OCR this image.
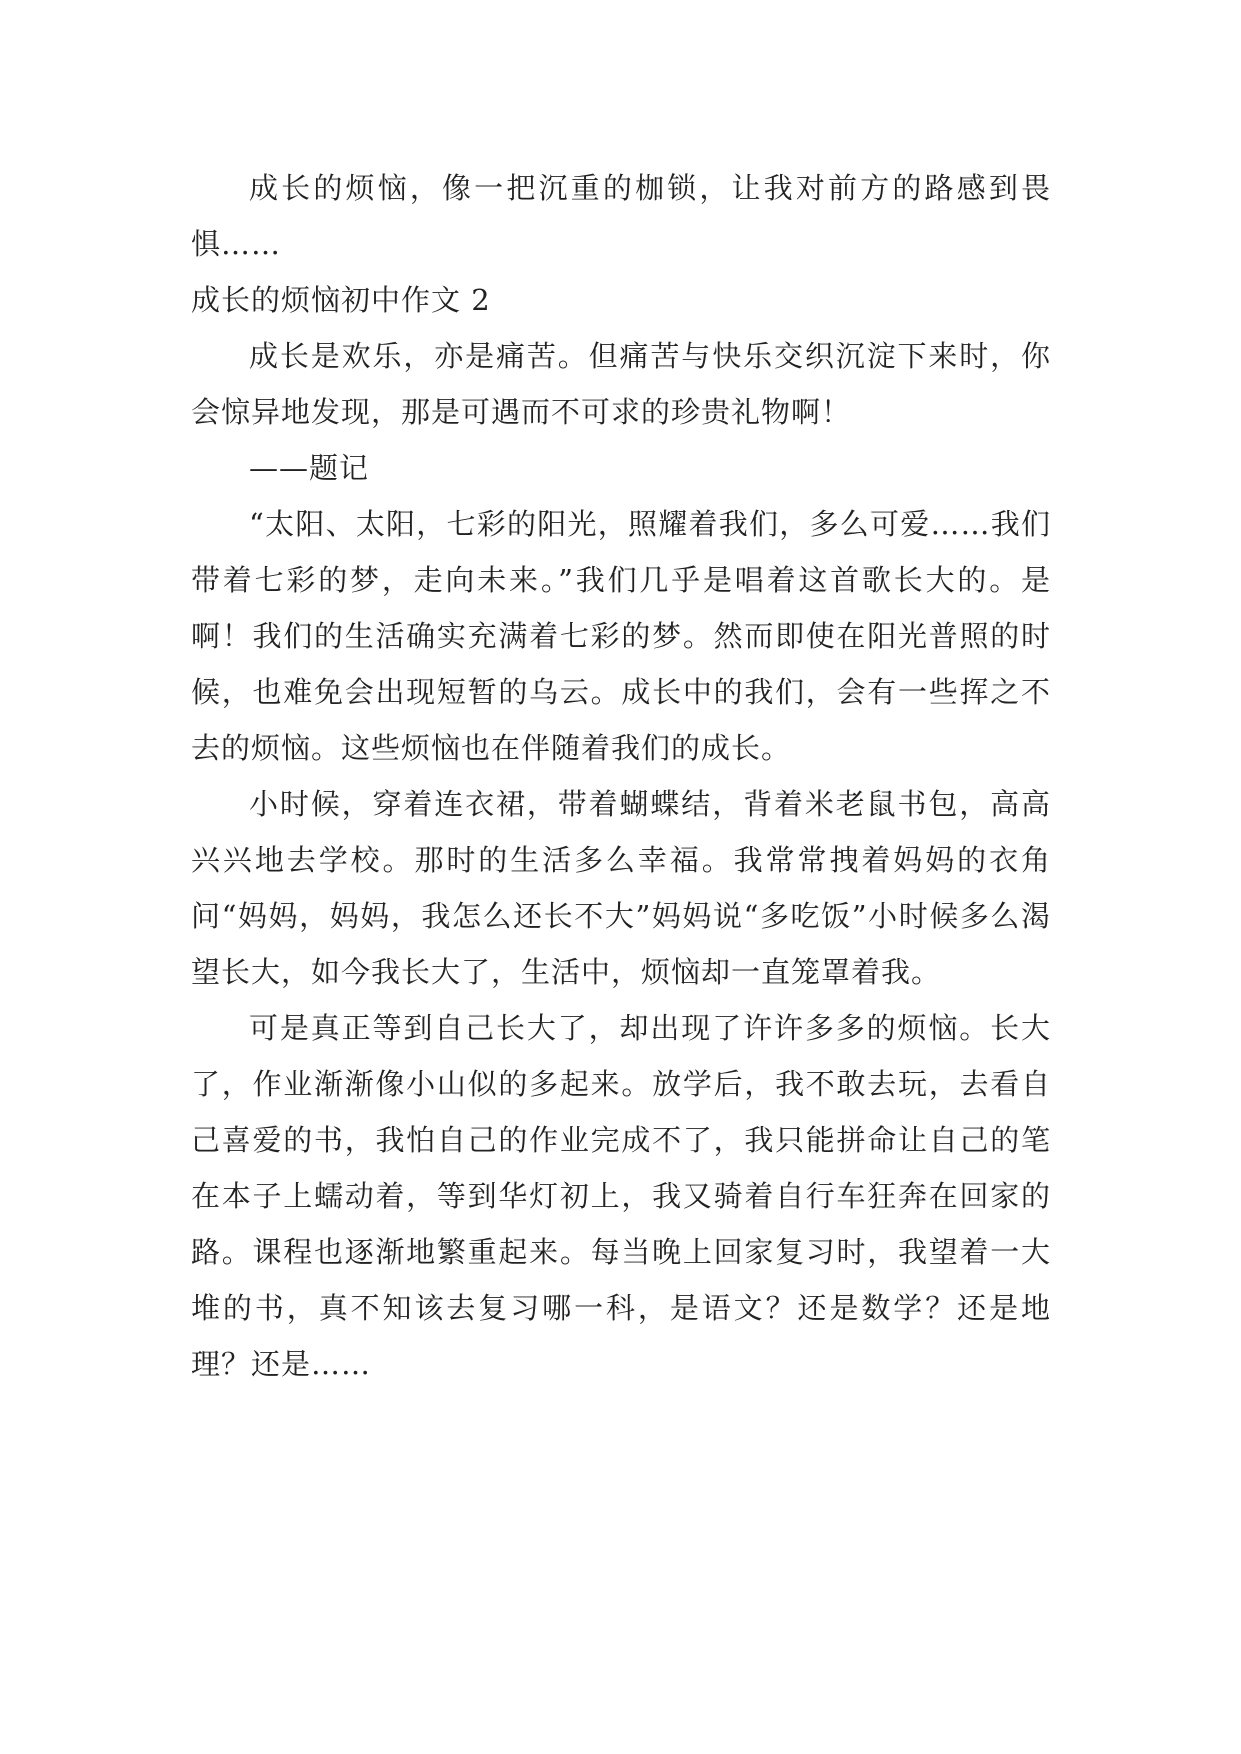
成长的烦恼，像一把沉重的枷锁，让我对前方的路感到畏惧……

成长的烦恼初中作文 2

成长是欢乐，亦是痛苦。但痛苦与快乐交织沉淀下来时，你会惊异地发现，那是可遇而不可求的珍贵礼物啊！

——题记

“太阳、太阳，七彩的阳光，照耀着我们，多么可爱……我们带着七彩的梦，走向未来。”我们几乎是唱着这首歌长大的。是啊！我们的生活确实充满着七彩的梦。然而即使在阳光普照的时候，也难免会出现短暂的乌云。成长中的我们，会有一些挥之不去的烦恼。这些烦恼也在伴随着我们的成长。

小时候，穿着连衣裙，带着蝴蝶结，背着米老鼠书包，高高兴兴地去学校。那时的生活多么幸福。我常常拽着妈妈的衣角问“妈妈，妈妈，我怎么还长不大”妈妈说“多吃饭”小时候多么渴望长大，如今我长大了，生活中，烦恼却一直笼罩着我。

可是真正等到自己长大了，却出现了许许多多的烦恼。长大了，作业渐渐像小山似的多起来。放学后，我不敢去玩，去看自己喜爱的书，我怕自己的作业完成不了，我只能拼命让自己的笔在本子上蠕动着，等到华灯初上，我又骑着自行车狂奔在回家的路。课程也逐渐地繁重起来。每当晚上回家复习时，我望着一大堆的书，真不知该去复习哪一科，是语文？还是数学？还是地理？还是……
